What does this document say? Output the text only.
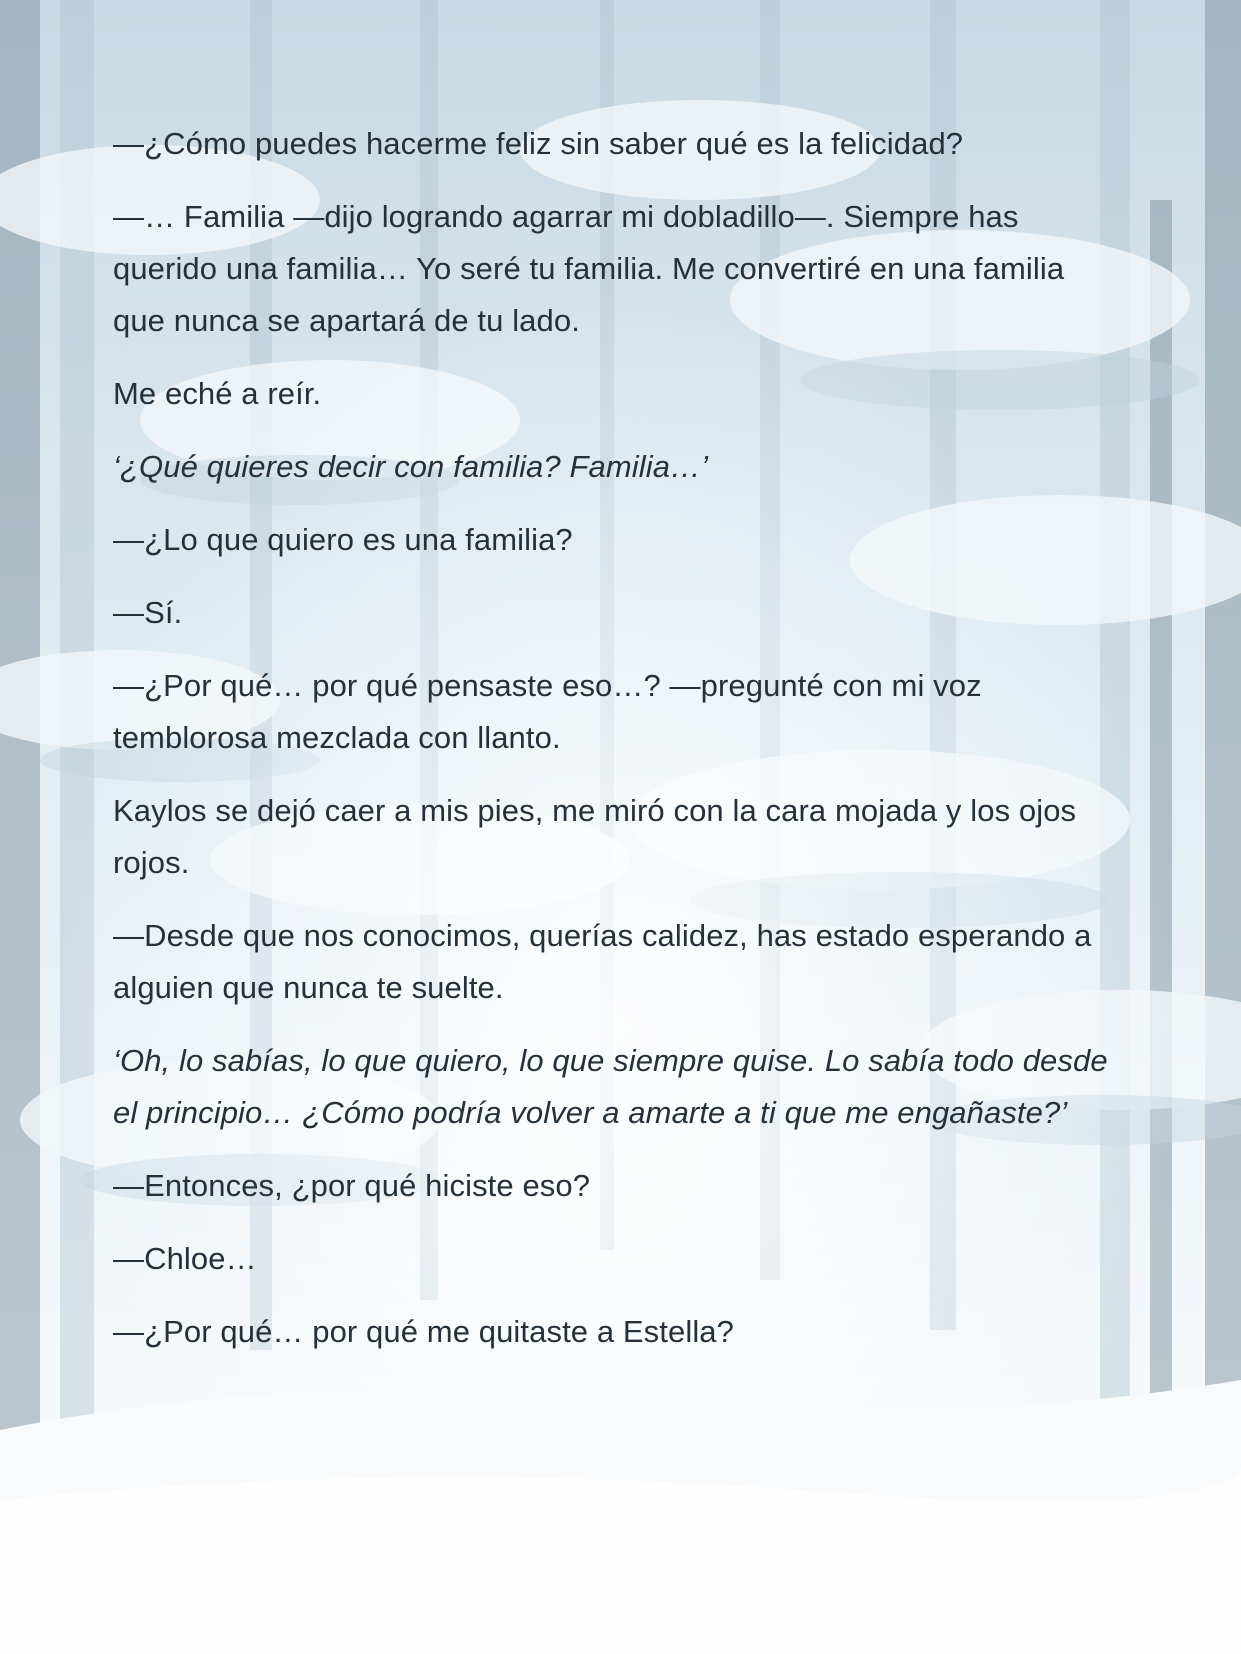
—¿Cómo puedes hacerme feliz sin saber qué es la felicidad?

—… Familia —dijo logrando agarrar mi dobladillo—. Siempre has querido una familia… Yo seré tu familia. Me convertiré en una familia que nunca se apartará de tu lado.

Me eché a reír.

‘¿Qué quieres decir con familia? Familia…’

—¿Lo que quiero es una familia?

—Sí.

—¿Por qué… por qué pensaste eso…? —pregunté con mi voz temblorosa mezclada con llanto.

Kaylos se dejó caer a mis pies, me miró con la cara mojada y los ojos rojos.

—Desde que nos conocimos, querías calidez, has estado esperando a alguien que nunca te suelte.

‘Oh, lo sabías, lo que quiero, lo que siempre quise. Lo sabía todo desde el principio… ¿Cómo podría volver a amarte a ti que me engañaste?’

—Entonces, ¿por qué hiciste eso?

—Chloe…

—¿Por qué… por qué me quitaste a Estella?
